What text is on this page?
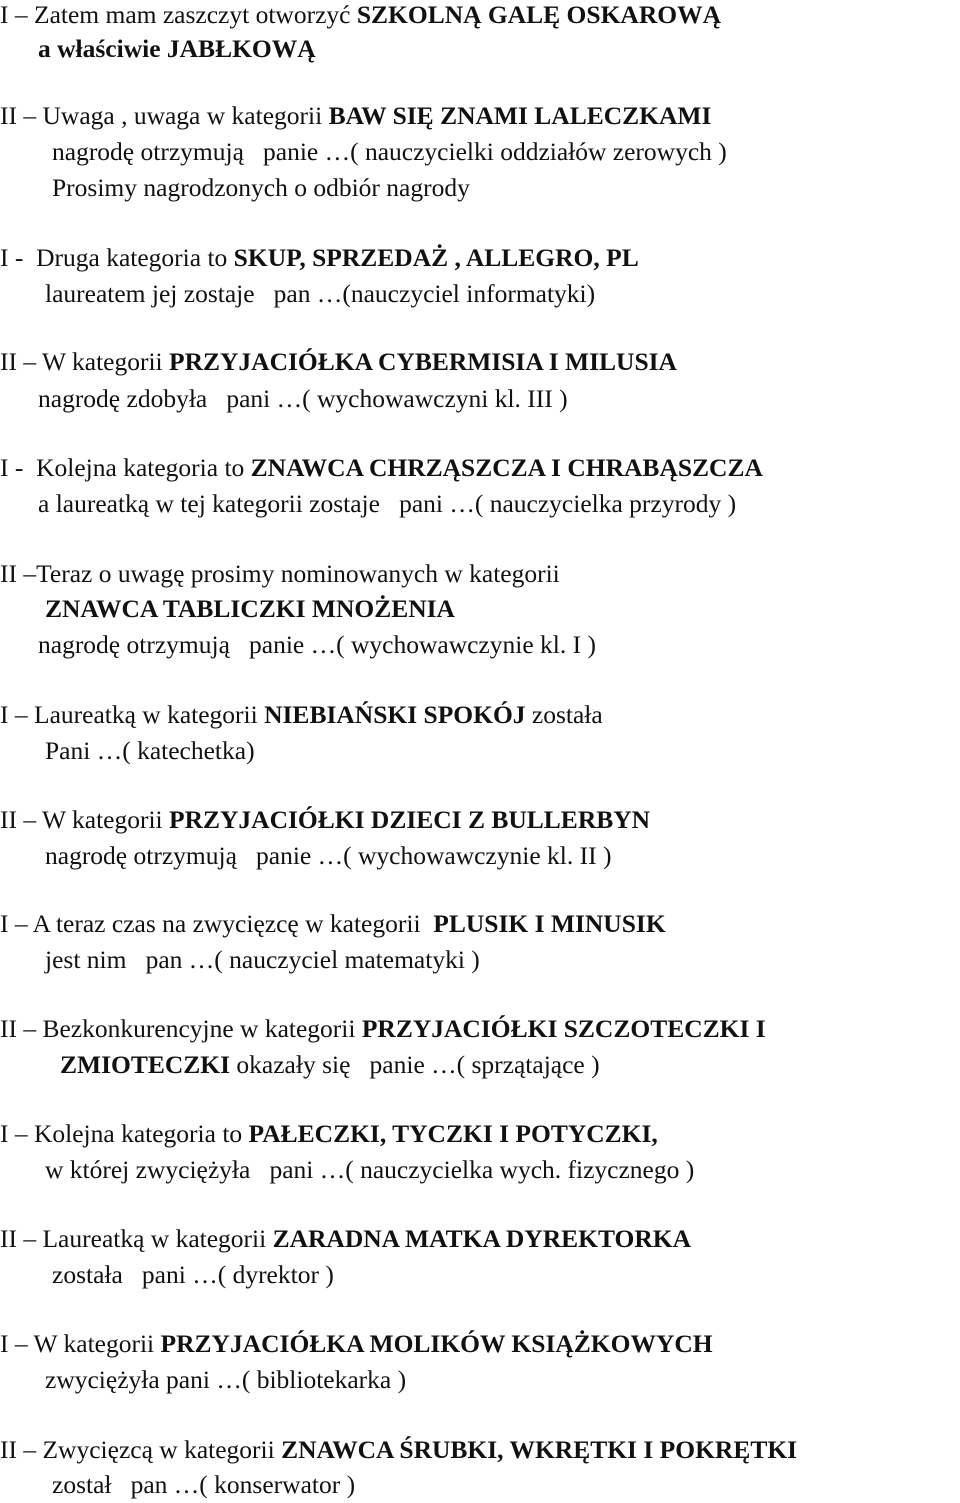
I – Zatem mam zaszczyt otworzyć SZKOLNĄ GALĘ OSKAROWĄ
a właściwie JABŁKOWĄ
II – Uwaga , uwaga w kategorii BAW SIĘ ZNAMI LALECZKAMI
nagrodę otrzymują   panie …( nauczycielki oddziałów zerowych )
Prosimy nagrodzonych o odbiór nagrody
I -  Druga kategoria to SKUP, SPRZEDAŻ , ALLEGRO, PL
laureatem jej zostaje   pan …(nauczyciel informatyki)
II – W kategorii PRZYJACIÓŁKA CYBERMISIA I MILUSIA
nagrodę zdobyła   pani …( wychowawczyni kl. III )
I -  Kolejna kategoria to ZNAWCA CHRZĄSZCZA I CHRABĄSZCZA
a laureatką w tej kategorii zostaje   pani …( nauczycielka przyrody )
II –Teraz o uwagę prosimy nominowanych w kategorii
ZNAWCA TABLICZKI MNOŻENIA
nagrodę otrzymują   panie …( wychowawczynie kl. I )
I – Laureatką w kategorii NIEBIAŃSKI SPOKÓJ została
Pani …( katechetka)
II – W kategorii PRZYJACIÓŁKI DZIECI Z BULLERBYN
nagrodę otrzymują   panie …( wychowawczynie kl. II )
I – A teraz czas na zwycięzcę w kategorii  PLUSIK I MINUSIK
jest nim   pan …( nauczyciel matematyki )
II – Bezkonkurencyjne w kategorii PRZYJACIÓŁKI SZCZOTECZKI I
ZMIOTECZKI okazały się   panie …( sprzątające )
I – Kolejna kategoria to PAŁECZKI, TYCZKI I POTYCZKI,
w której zwyciężyła   pani …( nauczycielka wych. fizycznego )
II – Laureatką w kategorii ZARADNA MATKA DYREKTORKA
została   pani …( dyrektor )
I – W kategorii PRZYJACIÓŁKA MOLIKÓW KSIĄŻKOWYCH
zwyciężyła pani …( bibliotekarka )
II – Zwycięzcą w kategorii ZNAWCA ŚRUBKI, WKRĘTKI I POKRĘTKI
został   pan …( konserwator )
